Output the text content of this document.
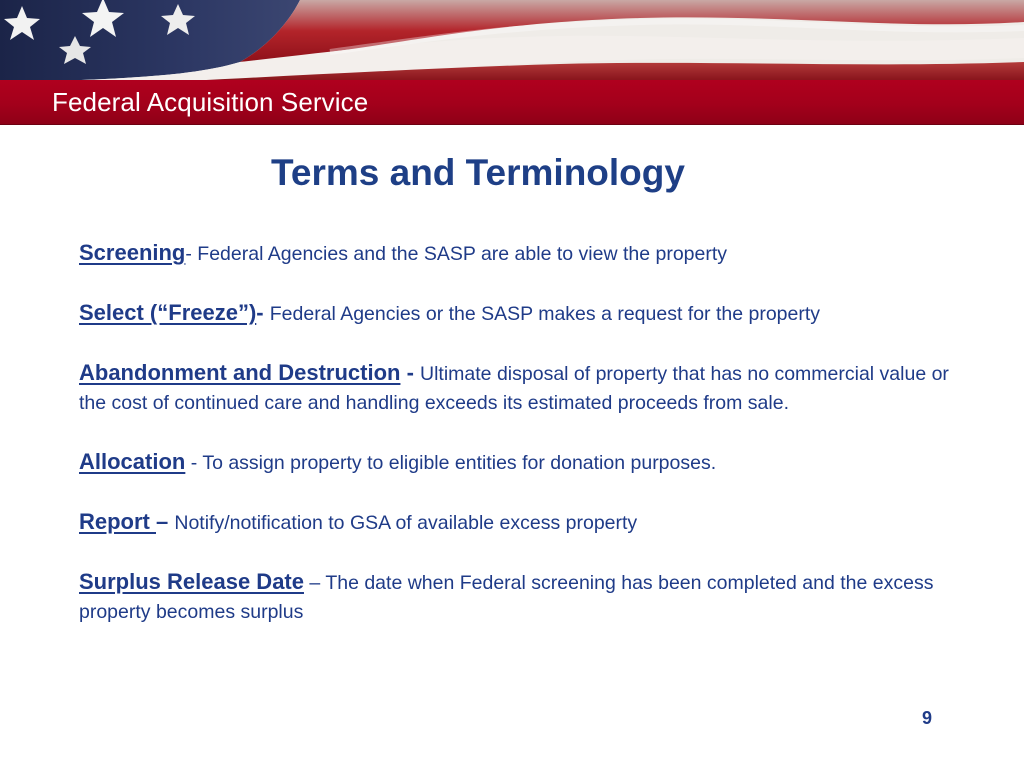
Federal Acquisition Service
Terms and Terminology
Screening- Federal Agencies and the SASP are able to view the property
Select (“Freeze”)- Federal Agencies or the SASP makes a request for the property
Abandonment and Destruction - Ultimate disposal of property that has no commercial value or the cost of continued care and handling exceeds its estimated proceeds from sale.
Allocation - To assign property to eligible entities for donation purposes.
Report – Notify/notification to GSA of available excess property
Surplus Release Date – The date when Federal screening has been completed and the excess property becomes surplus
9
